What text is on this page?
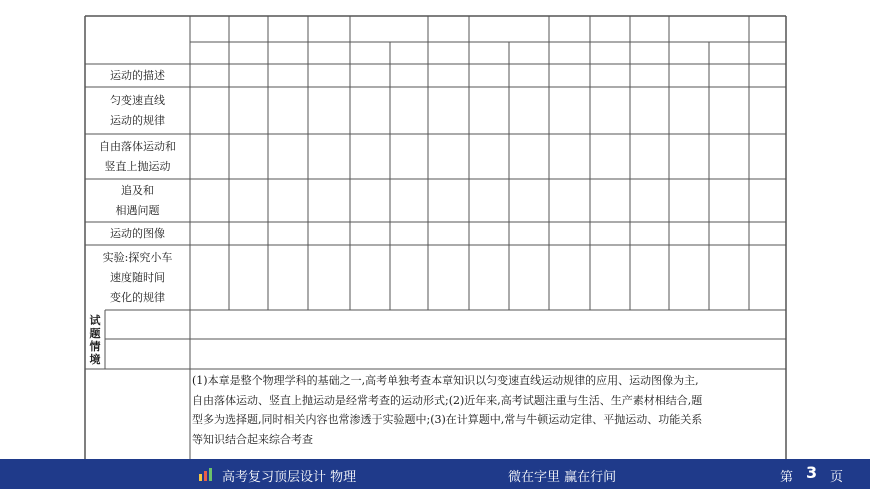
运动的描述
匀变速直线
运动的规律
自由落体运动和
竖直上抛运动
追及和
相遇问题
运动的图像
实验:探究小车
速度随时间
变化的规律
试题情境
(1)本章是整个物理学科的基础之一,高考单独考查本章知识以匀变速直线运动规律的应用、运动图像为主,
自由落体运动、竖直上抛运动是经常考查的运动形式;(2)近年来,高考试题注重与生活、生产素材相结合,题
型多为选择题,同时相关内容也常渗透于实验题中;(3)在计算题中,常与牛顿运动定律、平抛运动、功能关系
等知识结合起来综合考查
高考复习顶层设计 物理	微在字里 赢在行间	第 3 页
